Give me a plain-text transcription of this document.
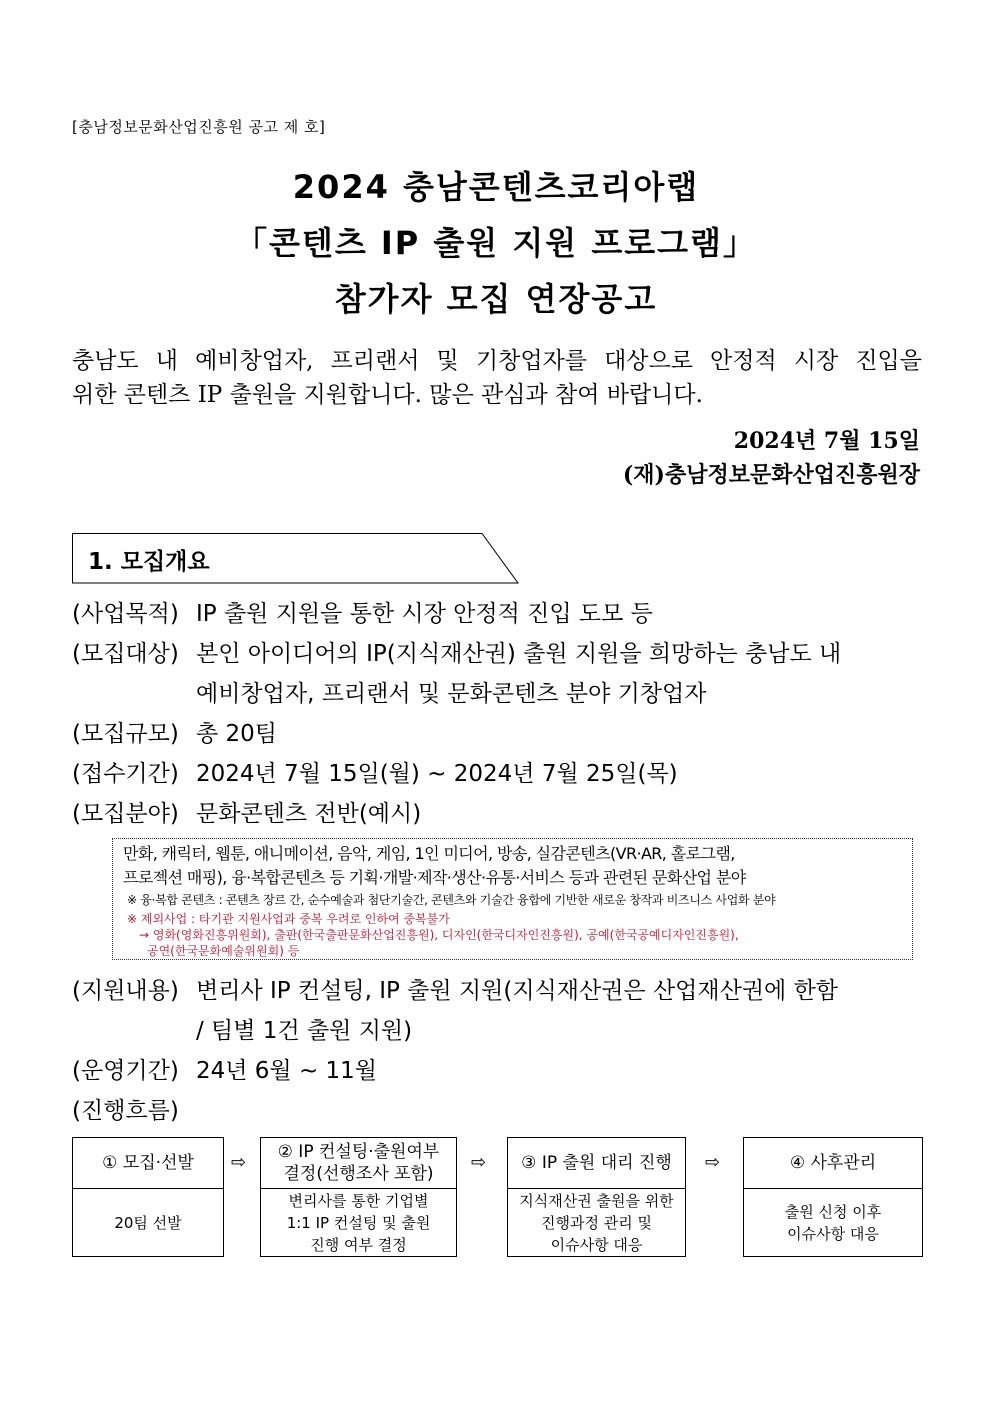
[충남정보문화산업진흥원 공고 제 호]
2024 충남콘텐츠코리아랩
「콘텐츠 IP 출원 지원 프로그램」
참가자 모집 연장공고
충남도 내 예비창업자, 프리랜서 및 기창업자를 대상으로 안정적 시장 진입을
위한 콘텐츠 IP 출원을 지원합니다. 많은 관심과 참여 바랍니다.
2024년 7월 15일
(재)충남정보문화산업진흥원장
1. 모집개요
(사업목적) IP 출원 지원을 통한 시장 안정적 진입 도모 등
(모집대상) 본인 아이디어의 IP(지식재산권) 출원 지원을 희망하는 충남도 내
예비창업자, 프리랜서 및 문화콘텐츠 분야 기창업자
(모집규모) 총 20팀
(접수기간) 2024년 7월 15일(월) ~ 2024년 7월 25일(목)
(모집분야) 문화콘텐츠 전반(예시)
만화, 캐릭터, 웹툰, 애니메이션, 음악, 게임, 1인 미디어, 방송, 실감콘텐츠(VR·AR, 홀로그램,
프로젝션 매핑), 융·복합콘텐츠 등 기획·개발·제작·생산·유통·서비스 등과 관련된 문화산업 분야
※ 융·복합 콘텐츠 : 콘텐츠 장르 간, 순수예술과 첨단기술간, 콘텐츠와 기술간 융합에 기반한 새로운 창작과 비즈니스 사업화 분야
※ 제외사업 : 타기관 지원사업과 중복 우려로 인하여 중복불가
→ 영화(영화진흥위원회), 출판(한국출판문화산업진흥원), 디자인(한국디자인진흥원), 공예(한국공예디자인진흥원),
공연(한국문화예술위원회) 등
(지원내용) 변리사 IP 컨설팅, IP 출원 지원(지식재산권은 산업재산권에 한함
/ 팀별 1건 출원 지원)
(운영기간) 24년 6월 ~ 11월
(진행흐름)
① 모집·선발
20팀 선발
⇨ ② IP 컨설팅·출원여부
결정(선행조사 포함)
변리사를 통한 기업별
1:1 IP 컨설팅 및 출원
진행 여부 결정
⇨	③ IP 출원 대리 진행
지식재산권 출원을 위한
진행과정 관리 및
이슈사항 대응
⇨	④ 사후관리
출원 신청 이후
이슈사항 대응
